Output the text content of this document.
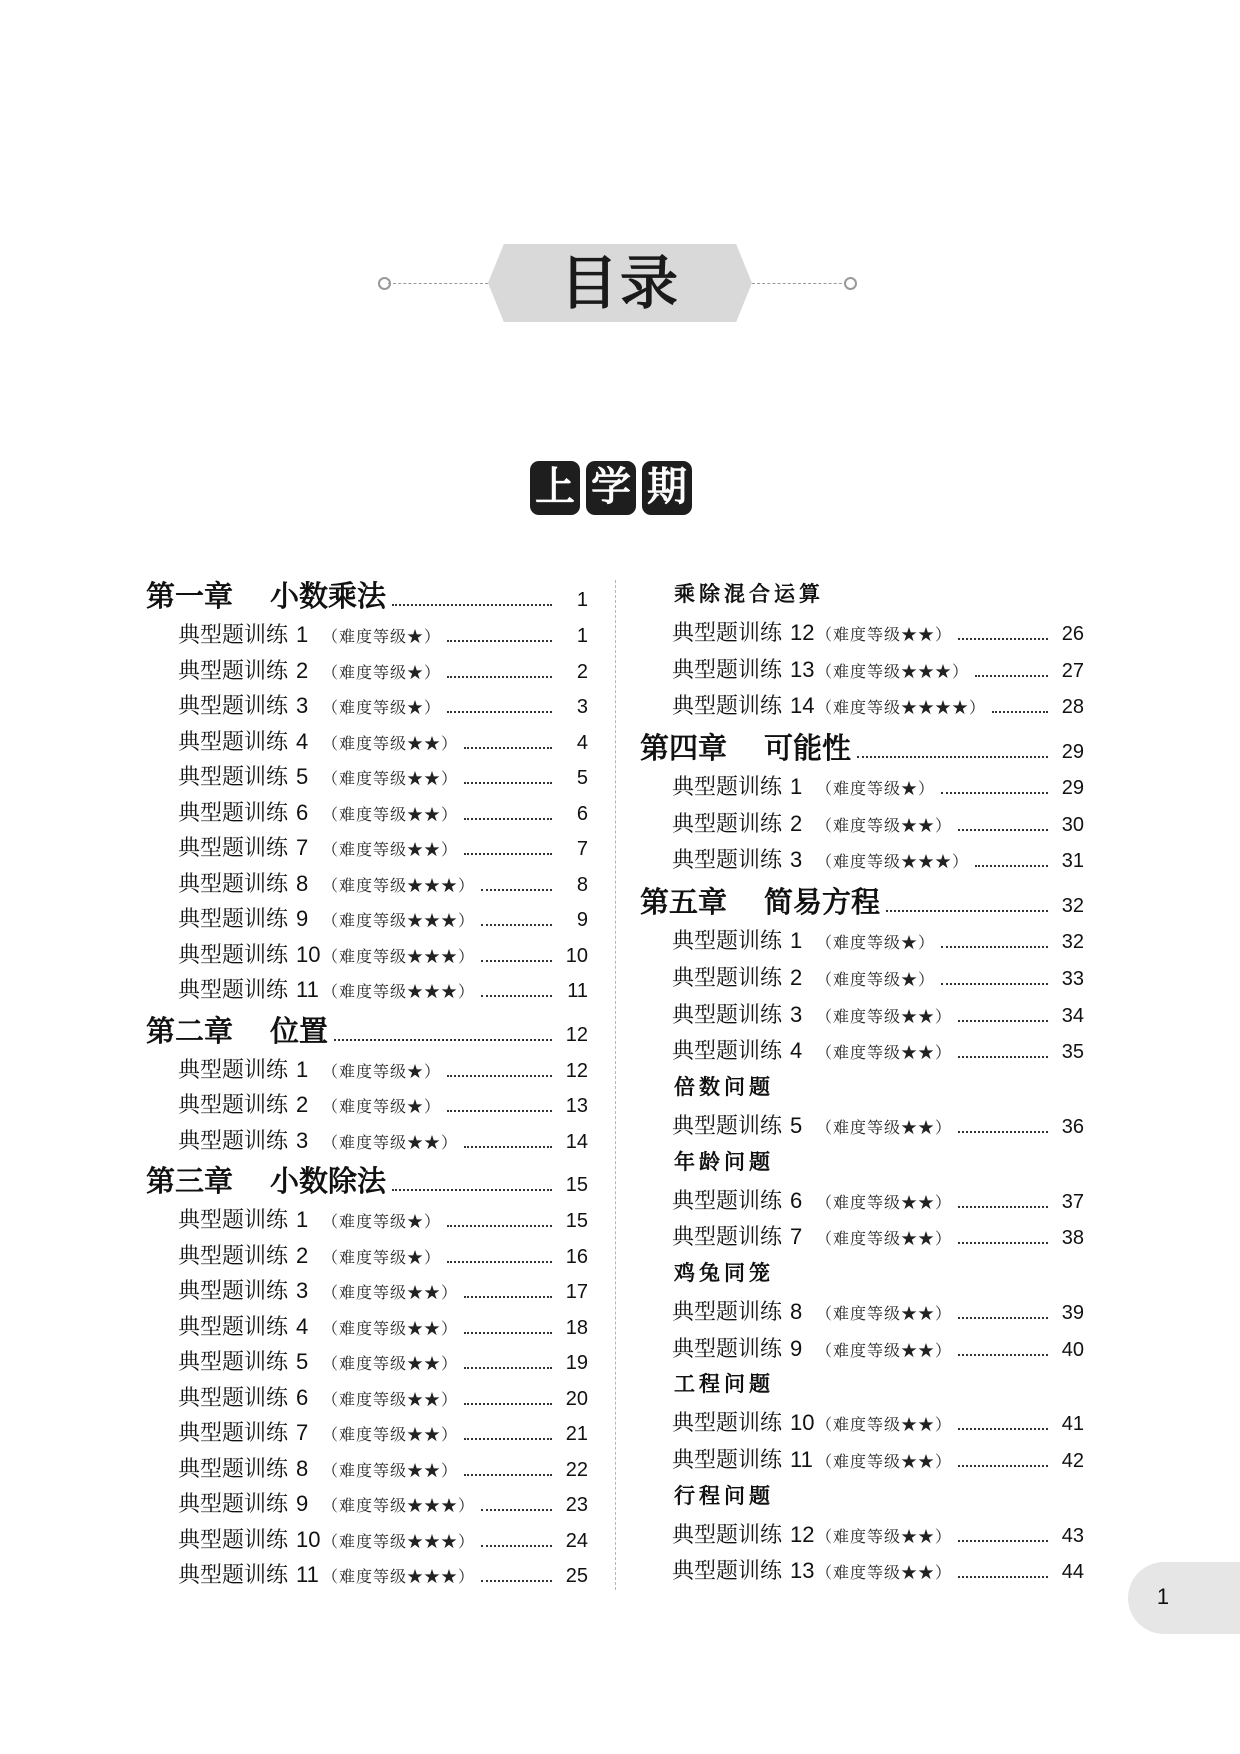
目录
上 学 期
第一章	小数乘法	1
典型题训练 1 （难度等级★）	1
典型题训练 2 （难度等级★）	2
典型题训练 3 （难度等级★）	3
典型题训练 4 （难度等级★★）	4
典型题训练 5 （难度等级★★）	5
典型题训练 6 （难度等级★★）	6
典型题训练 7 （难度等级★★）	7
典型题训练 8 （难度等级★★★）	8
典型题训练 9 （难度等级★★★）	9
典型题训练 10 （难度等级★★★）	10
典型题训练 11 （难度等级★★★）	11
第二章	位置	12
典型题训练 1 （难度等级★）	12
典型题训练 2 （难度等级★）	13
典型题训练 3 （难度等级★★）	14
第三章	小数除法	15
典型题训练 1 （难度等级★）	15
典型题训练 2 （难度等级★）	16
典型题训练 3 （难度等级★★）	17
典型题训练 4 （难度等级★★）	18
典型题训练 5 （难度等级★★）	19
典型题训练 6 （难度等级★★）	20
典型题训练 7 （难度等级★★）	21
典型题训练 8 （难度等级★★）	22
典型题训练 9 （难度等级★★★）	23
典型题训练 10 （难度等级★★★）	24
典型题训练 11 （难度等级★★★）	25
乘除混合运算
典型题训练 12 （难度等级★★）	26
典型题训练 13 （难度等级★★★）	27
典型题训练 14 （难度等级★★★★）	28
第四章	可能性	29
典型题训练 1 （难度等级★）	29
典型题训练 2 （难度等级★★）	30
典型题训练 3 （难度等级★★★）	31
第五章	简易方程	32
典型题训练 1 （难度等级★）	32
典型题训练 2 （难度等级★）	33
典型题训练 3 （难度等级★★）	34
典型题训练 4 （难度等级★★）	35
倍数问题
典型题训练 5 （难度等级★★）	36
年龄问题
典型题训练 6 （难度等级★★）	37
典型题训练 7 （难度等级★★）	38
鸡兔同笼
典型题训练 8 （难度等级★★）	39
典型题训练 9 （难度等级★★）	40
工程问题
典型题训练 10 （难度等级★★）	41
典型题训练 11 （难度等级★★）	42
行程问题
典型题训练 12 （难度等级★★）	43
典型题训练 13 （难度等级★★）	44
1
